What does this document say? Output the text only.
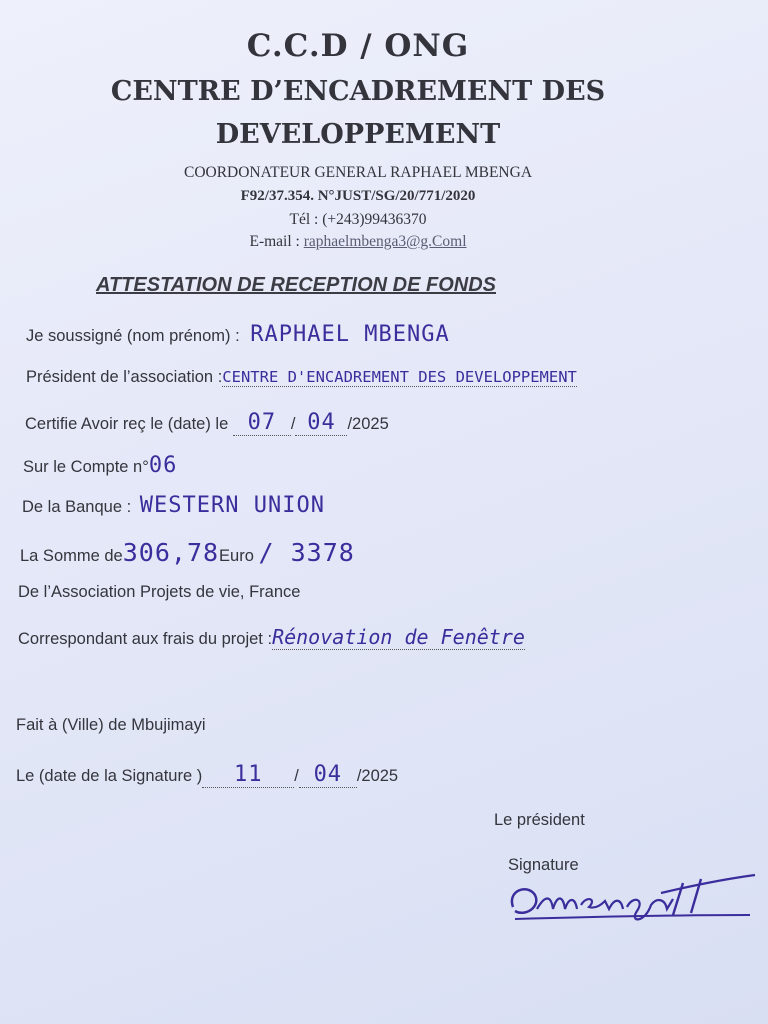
C.C.D / ONG
CENTRE D’ENCADREMENT DES
DEVELOPPEMENT
COORDONATEUR GENERAL RAPHAEL MBENGA
F92/37.354. N°JUST/SG/20/771/2020
Tél : (+243)99436370
E-mail : raphaelmbenga3@g.Coml
ATTESTATION DE RECEPTION DE FONDS
Je soussigné (nom prénom) : RAPHAEL MBENGA
Président de l’association :CENTRE D'ENCADREMENT DES DEVELOPPEMENT
Certifie Avoir reç le (date) le 07 / 04 /2025
Sur le Compte n°06
De la Banque : WESTERN UNION
La Somme de306,78Euro / 3378
De l’Association Projets de vie, France
Correspondant aux frais du projet :Rénovation de Fenêtre
Fait à (Ville) de Mbujimayi
Le (date de la Signature ) 11 / 04 /2025
Le président
Signature
